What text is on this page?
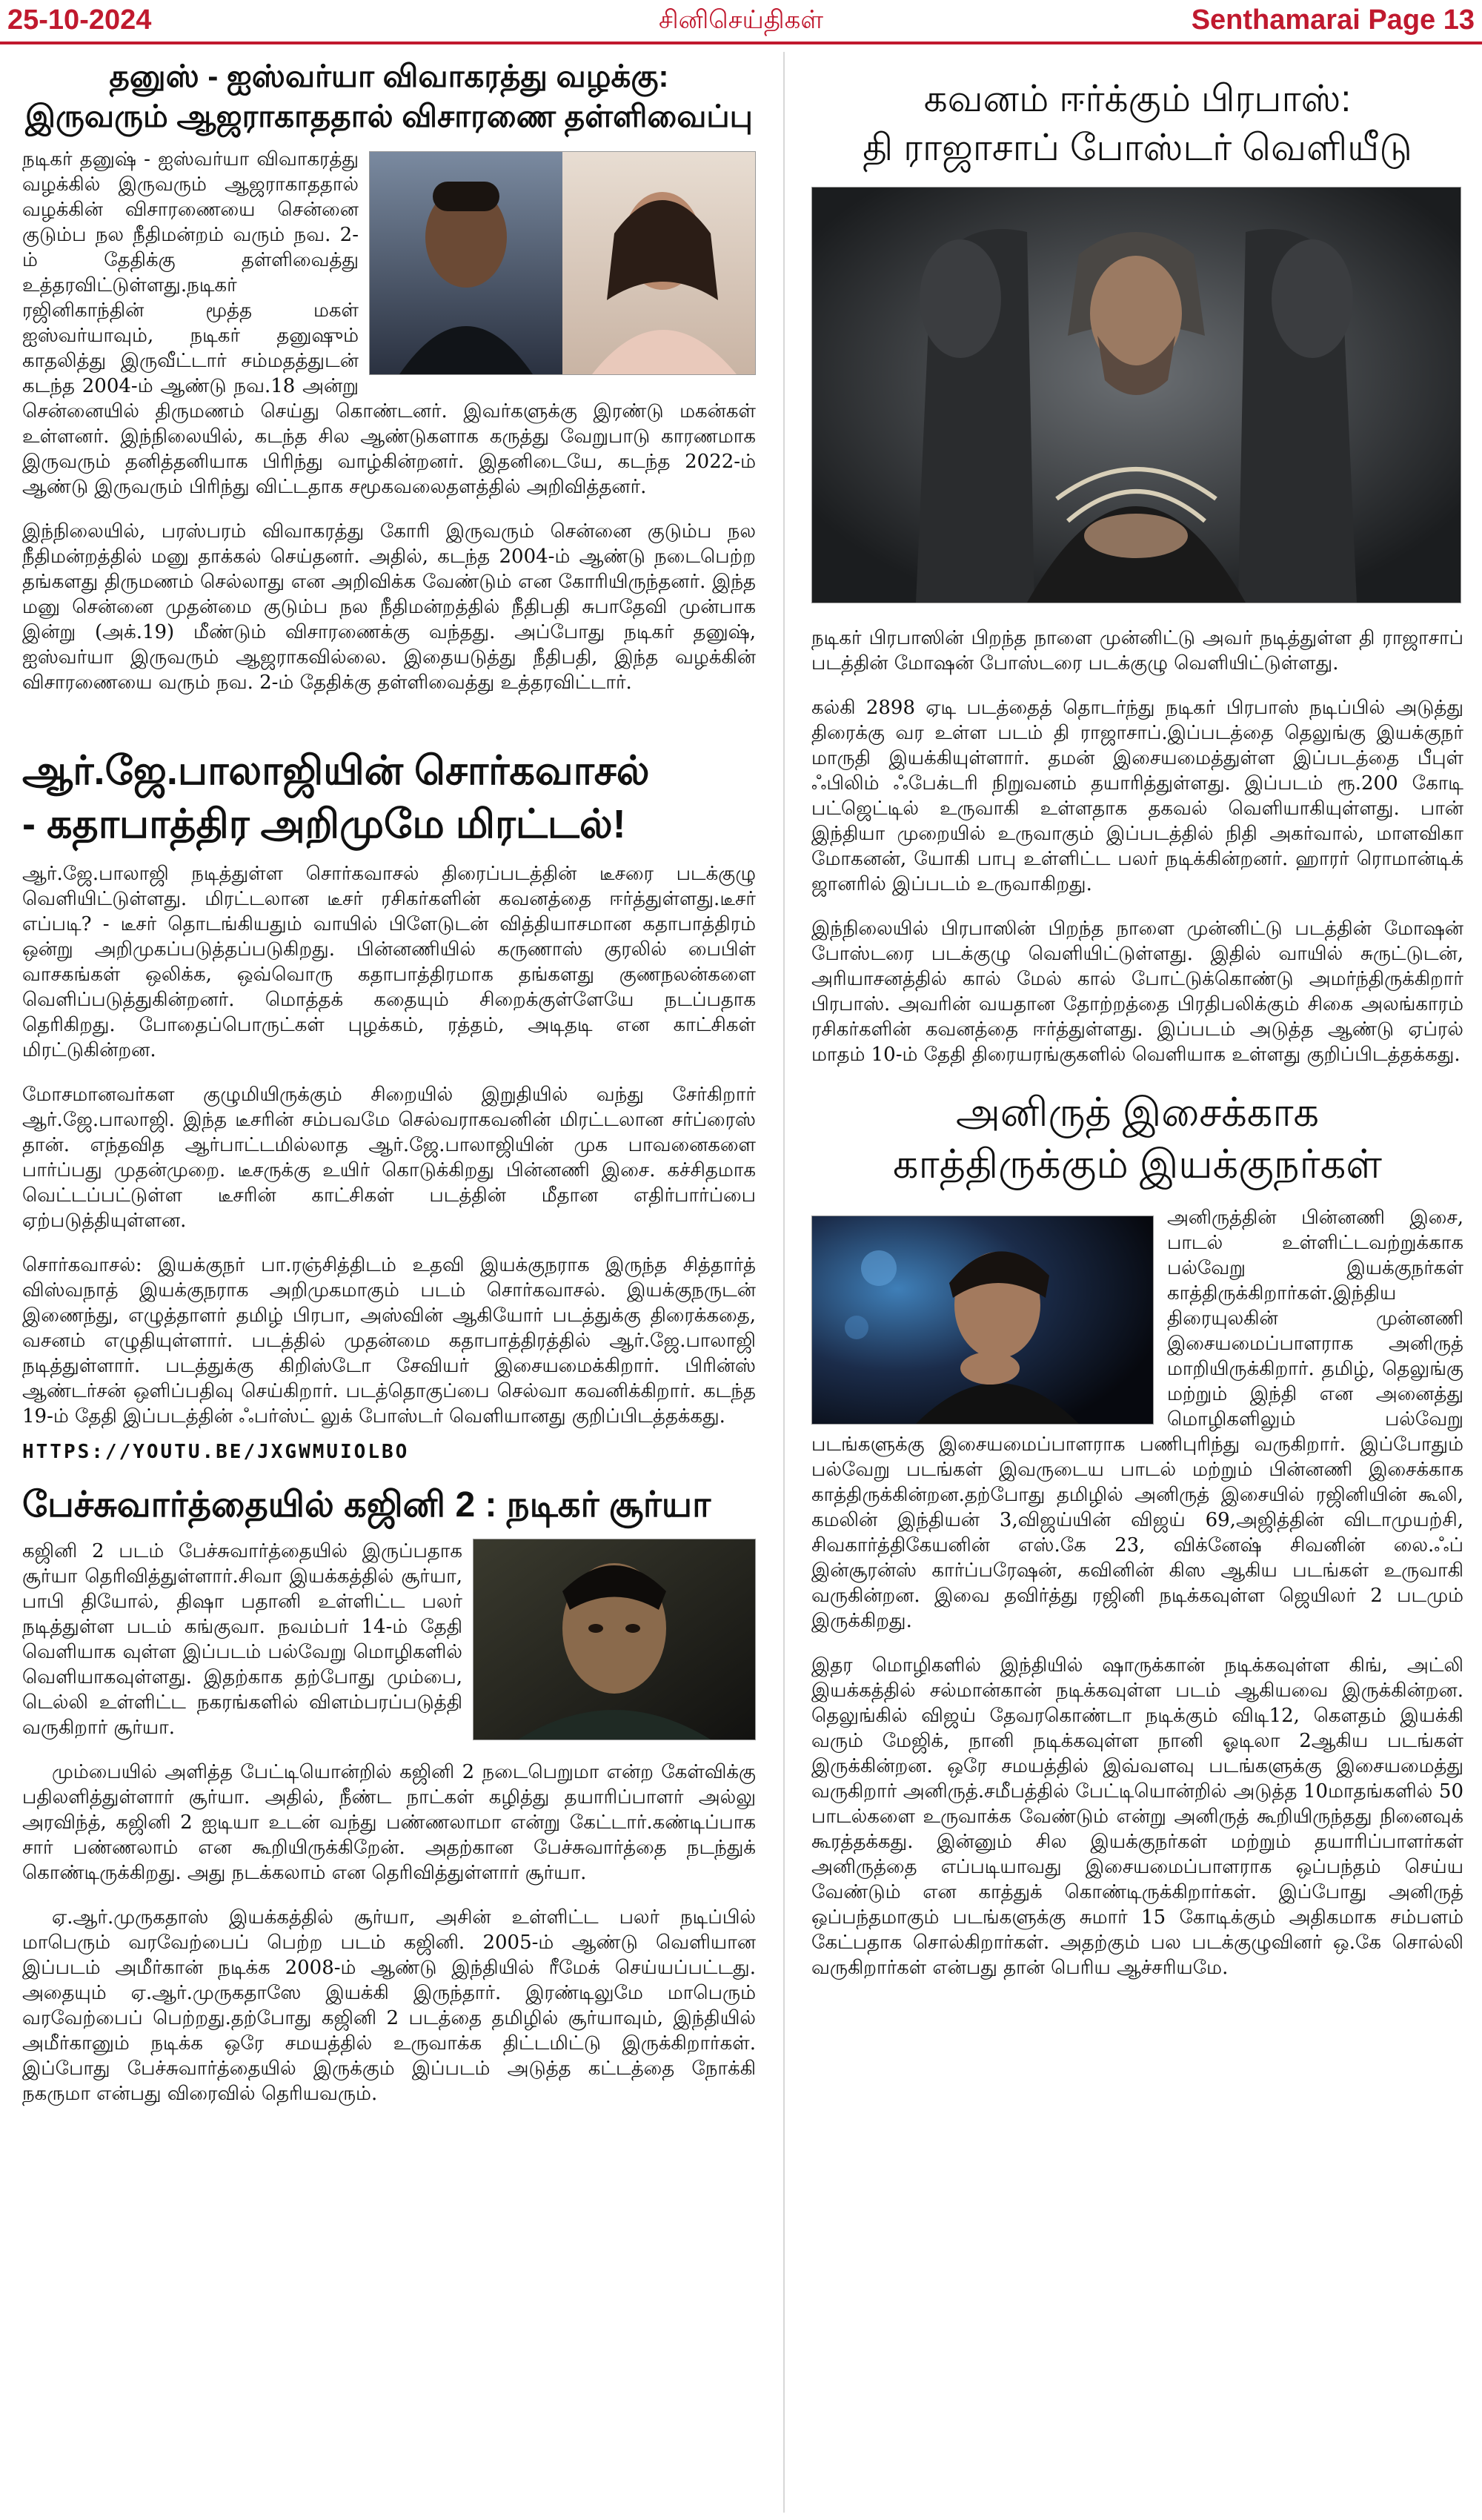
சினிசெய்திகள்
25-10-2024	Senthamarai Page 13
தனுஸ் - ஐஸ்வர்யா விவாகரத்து வழக்கு:
இருவரும் ஆஜராகாததால் விசாரணை தள்ளிவைப்பு

நடிகர் தனுஷ் - ஐஸ்வர்யா விவாகரத்து வழக்கில் இருவரும் ஆஜராகாததால் வழக்கின் விசாரணையை சென்னை குடும்ப நல நீதிமன்றம் வரும் நவ. 2-ம் தேதிக்கு தள்ளிவைத்து உத்தரவிட்டுள்ளது.நடிகர் ரஜினிகாந்தின் மூத்த மகள் ஐஸ்வர்யாவும், நடிகர் தனுஷும் காதலித்து இருவீட்டார் சம்மதத்துடன் கடந்த 2004-ம் ஆண்டு நவ.18 அன்று சென்னையில் திருமணம் செய்து கொண்டனர். இவர்களுக்கு இரண்டு மகன்கள் உள்ளனர். இந்நிலையில், கடந்த சில ஆண்டுகளாக கருத்து வேறுபாடு காரணமாக இருவரும் தனித்தனியாக பிரிந்து வாழ்கின்றனர். இதனிடையே, கடந்த 2022-ம் ஆண்டு இருவரும் பிரிந்து விட்டதாக சமூகவலைதளத்தில் அறிவித்தனர்.

இந்நிலையில், பரஸ்பரம் விவாகரத்து கோரி இருவரும் சென்னை குடும்ப நல நீதிமன்றத்தில் மனு தாக்கல் செய்தனர். அதில், கடந்த 2004-ம் ஆண்டு நடைபெற்ற தங்களது திருமணம் செல்லாது என அறிவிக்க வேண்டும் என கோரியிருந்தனர். இந்த மனு சென்னை முதன்மை குடும்ப நல நீதிமன்றத்தில் நீதிபதி சுபாதேவி முன்பாக இன்று (அக்.19) மீண்டும் விசாரணைக்கு வந்தது. அப்போது நடிகர் தனுஷ், ஐஸ்வர்யா இருவரும் ஆஜராகவில்லை. இதையடுத்து நீதிபதி, இந்த வழக்கின் விசாரணையை வரும் நவ. 2-ம் தேதிக்கு தள்ளிவைத்து உத்தரவிட்டார்.

ஆர்.ஜே.பாலாஜியின் சொர்கவாசல்
- கதாபாத்திர அறிமுமே மிரட்டல்!

ஆர்.ஜே.பாலாஜி நடித்துள்ள சொர்கவாசல் திரைப்படத்தின் டீசரை படக்குழு வெளியிட்டுள்ளது. மிரட்டலான டீசர் ரசிகர்களின் கவனத்தை ஈர்த்துள்ளது.டீசர் எப்படி? - டீசர் தொடங்கியதும் வாயில் பிளேடுடன் வித்தியாசமான கதாபாத்திரம் ஒன்று அறிமுகப்படுத்தப்படுகிறது. பின்னணியில் கருணாஸ் குரலில் பைபிள் வாசகங்கள் ஒலிக்க, ஒவ்வொரு கதாபாத்திரமாக தங்களது குணநலன்களை வெளிப்படுத்துகின்றனர். மொத்தக் கதையும் சிறைக்குள்ளேயே நடப்பதாக தெரிகிறது. போதைப்பொருட்கள் புழக்கம், ரத்தம், அடிதடி என காட்சிகள் மிரட்டுகின்றன.

மோசமானவர்கள குழுமியிருக்கும் சிறையில் இறுதியில் வந்து சேர்கிறார் ஆர்.ஜே.பாலாஜி. இந்த டீசரின் சம்பவமே செல்வராகவனின் மிரட்டலான சர்ப்ரைஸ் தான். எந்தவித ஆர்பாட்டமில்லாத ஆர்.ஜே.பாலாஜியின் முக பாவனைகளை பார்ப்பது முதன்முறை. டீசருக்கு உயிர் கொடுக்கிறது பின்னணி இசை. கச்சிதமாக வெட்டப்பட்டுள்ள டீசரின் காட்சிகள் படத்தின் மீதான எதிர்பார்ப்பை ஏற்படுத்தியுள்ளன.

சொர்கவாசல்: இயக்குநர் பா.ரஞ்சித்திடம் உதவி இயக்குநராக இருந்த சித்தார்த் விஸ்வநாத் இயக்குநராக அறிமுகமாகும் படம் சொர்கவாசல். இயக்குநருடன் இணைந்து, எழுத்தாளர் தமிழ் பிரபா, அஸ்வின் ஆகியோர் படத்துக்கு திரைக்கதை, வசனம் எழுதியுள்ளார். படத்தில் முதன்மை கதாபாத்திரத்தில் ஆர்.ஜே.பாலாஜி நடித்துள்ளார். படத்துக்கு கிறிஸ்டோ சேவியர் இசையமைக்கிறார். பிரின்ஸ் ஆண்டர்சன் ஒளிப்பதிவு செய்கிறார். படத்தொகுப்பை செல்வா கவனிக்கிறார். கடந்த 19-ம் தேதி இப்படத்தின் ஃபர்ஸ்ட் லுக் போஸ்டர் வெளியானது குறிப்பிடத்தக்கது.

HTTPS://YOUTU.BE/JXGWMUIOLBO
பேச்சுவார்த்தையில் கஜினி 2 : நடிகர் சூர்யா

கஜினி 2 படம் பேச்சுவார்த்தையில் இருப்பதாக சூர்யா தெரிவித்துள்ளார்.சிவா இயக்கத்தில் சூர்யா, பாபி தியோல், திஷா பதானி உள்ளிட்ட பலர் நடித்துள்ள படம் கங்குவா. நவம்பர் 14-ம் தேதி வெளியாக வுள்ள இப்படம் பல்வேறு மொழிகளில் வெளியாகவுள்ளது. இதற்காக தற்போது மும்பை, டெல்லி உள்ளிட்ட நகரங்களில் விளம்பரப்படுத்தி வருகிறார் சூர்யா.

மும்பையில் அளித்த பேட்டியொன்றில் கஜினி 2 நடைபெறுமா என்ற கேள்விக்கு பதிலளித்துள்ளார் சூர்யா. அதில், நீண்ட நாட்கள் கழித்து தயாரிப்பாளர் அல்லு அரவிந்த், கஜினி 2 ஐடியா உடன் வந்து பண்ணலாமா என்று கேட்டார்.கண்டிப்பாக சார் பண்ணலாம் என கூறியிருக்கிறேன். அதற்கான பேச்சுவார்த்தை நடந்துக் கொண்டிருக்கிறது. அது நடக்கலாம் என தெரிவித்துள்ளார் சூர்யா.

ஏ.ஆர்.முருகதாஸ் இயக்கத்தில் சூர்யா, அசின் உள்ளிட்ட பலர் நடிப்பில் மாபெரும் வரவேற்பைப் பெற்ற படம் கஜினி. 2005-ம் ஆண்டு வெளியான இப்படம் அமீர்கான் நடிக்க 2008-ம் ஆண்டு இந்தியில் ரீமேக் செய்யப்பட்டது. அதையும் ஏ.ஆர்.முருகதாஸே இயக்கி இருந்தார். இரண்டிலுமே மாபெரும் வரவேற்பைப் பெற்றது.தற்போது கஜினி 2 படத்தை தமிழில் சூர்யாவும், இந்தியில் அமீர்கானும் நடிக்க ஒரே சமயத்தில் உருவாக்க திட்டமிட்டு இருக்கிறார்கள். இப்போது பேச்சுவார்த்தையில் இருக்கும் இப்படம் அடுத்த கட்டத்தை நோக்கி நகருமா என்பது விரைவில் தெரியவரும்.

கவனம் ஈர்க்கும் பிரபாஸ்:
தி ராஜாசாப் போஸ்டர் வெளியீடு

நடிகர் பிரபாஸின் பிறந்த நாளை முன்னிட்டு அவர் நடித்துள்ள தி ராஜாசாப் படத்தின் மோஷன் போஸ்டரை படக்குழு வெளியிட்டுள்ளது.

கல்கி 2898 ஏடி படத்தைத் தொடர்ந்து நடிகர் பிரபாஸ் நடிப்பில் அடுத்து திரைக்கு வர உள்ள படம் தி ராஜாசாப்.இப்படத்தை தெலுங்கு இயக்குநர் மாருதி இயக்கியுள்ளார். தமன் இசையமைத்துள்ள இப்படத்தை பீபுள் ஃபிலிம் ஃபேக்டரி நிறுவனம் தயாரித்துள்ளது. இப்படம் ரூ.200 கோடி பட்ஜெட்டில் உருவாகி உள்ளதாக தகவல் வெளியாகியுள்ளது. பான் இந்தியா முறையில் உருவாகும் இப்படத்தில் நிதி அகர்வால், மாளவிகா மோகனன், யோகி பாபு உள்ளிட்ட பலர் நடிக்கின்றனர். ஹாரர் ரொமான்டிக் ஜானரில் இப்படம் உருவாகிறது.

இந்நிலையில் பிரபாஸின் பிறந்த நாளை முன்னிட்டு படத்தின் மோஷன் போஸ்டரை படக்குழு வெளியிட்டுள்ளது. இதில் வாயில் சுருட்டுடன், அரியாசனத்தில் கால் மேல் கால் போட்டுக்கொண்டு அமர்ந்திருக்கிறார் பிரபாஸ். அவரின் வயதான தோற்றத்தை பிரதிபலிக்கும் சிகை அலங்காரம் ரசிகர்களின் கவனத்தை ஈர்த்துள்ளது. இப்படம் அடுத்த ஆண்டு ஏப்ரல் மாதம் 10-ம் தேதி திரையரங்குகளில் வெளியாக உள்ளது குறிப்பிடத்தக்கது.

அனிருத் இசைக்காக
காத்திருக்கும் இயக்குநர்கள்

அனிருத்தின் பின்னணி இசை, பாடல் உள்ளிட்டவற்றுக்காக பல்வேறு இயக்குநர்கள் காத்திருக்கிறார்கள்.இந்திய திரையுலகின் முன்னணி இசையமைப்பாளராக அனிருத் மாறியிருக்கிறார். தமிழ், தெலுங்கு மற்றும் இந்தி என அனைத்து மொழிகளிலும் பல்வேறு படங்களுக்கு இசையமைப்பாளராக பணிபுரிந்து வருகிறார். இப்போதும் பல்வேறு படங்கள் இவருடைய பாடல் மற்றும் பின்னணி இசைக்காக காத்திருக்கின்றன.தற்போது தமிழில் அனிருத் இசையில் ரஜினியின் கூலி, கமலின் இந்தியன் 3,விஜய்யின் விஜய் 69,அஜித்தின் விடாமுயற்சி, சிவகார்த்திகேயனின் எஸ்.கே 23, விக்னேஷ் சிவனின் லை.ஃப் இன்சூரன்ஸ் கார்ப்பரேஷன், கவினின் கிஸ ஆகிய படங்கள் உருவாகி வருகின்றன. இவை தவிர்த்து ரஜினி நடிக்கவுள்ள ஜெயிலர் 2 படமும் இருக்கிறது.

இதர மொழிகளில் இந்தியில் ஷாருக்கான் நடிக்கவுள்ள கிங், அட்லி இயக்கத்தில் சல்மான்கான் நடிக்கவுள்ள படம் ஆகியவை இருக்கின்றன. தெலுங்கில் விஜய் தேவரகொண்டா நடிக்கும் விடி12, கௌதம் இயக்கி வரும் மேஜிக், நானி நடிக்கவுள்ள நானி ஓடிலா 2ஆகிய படங்கள் இருக்கின்றன. ஒரே சமயத்தில் இவ்வளவு படங்களுக்கு இசையமைத்து வருகிறார் அனிருத்.சமீபத்தில் பேட்டியொன்றில் அடுத்த 10மாதங்களில் 50 பாடல்களை உருவாக்க வேண்டும் என்று அனிருத் கூறியிருந்தது நினைவுக் கூரத்தக்கது. இன்னும் சில இயக்குநர்கள் மற்றும் தயாரிப்பாளர்கள் அனிருத்தை எப்படியாவது இசையமைப்பாளராக ஒப்பந்தம் செய்ய வேண்டும் என காத்துக் கொண்டிருக்கிறார்கள். இப்போது அனிருத் ஒப்பந்தமாகும் படங்களுக்கு சுமார் 15 கோடிக்கும் அதிகமாக சம்பளம் கேட்பதாக சொல்கிறார்கள். அதற்கும் பல படக்குழுவினர் ஒ.கே சொல்லி வருகிறார்கள் என்பது தான் பெரிய ஆச்சரியமே.
